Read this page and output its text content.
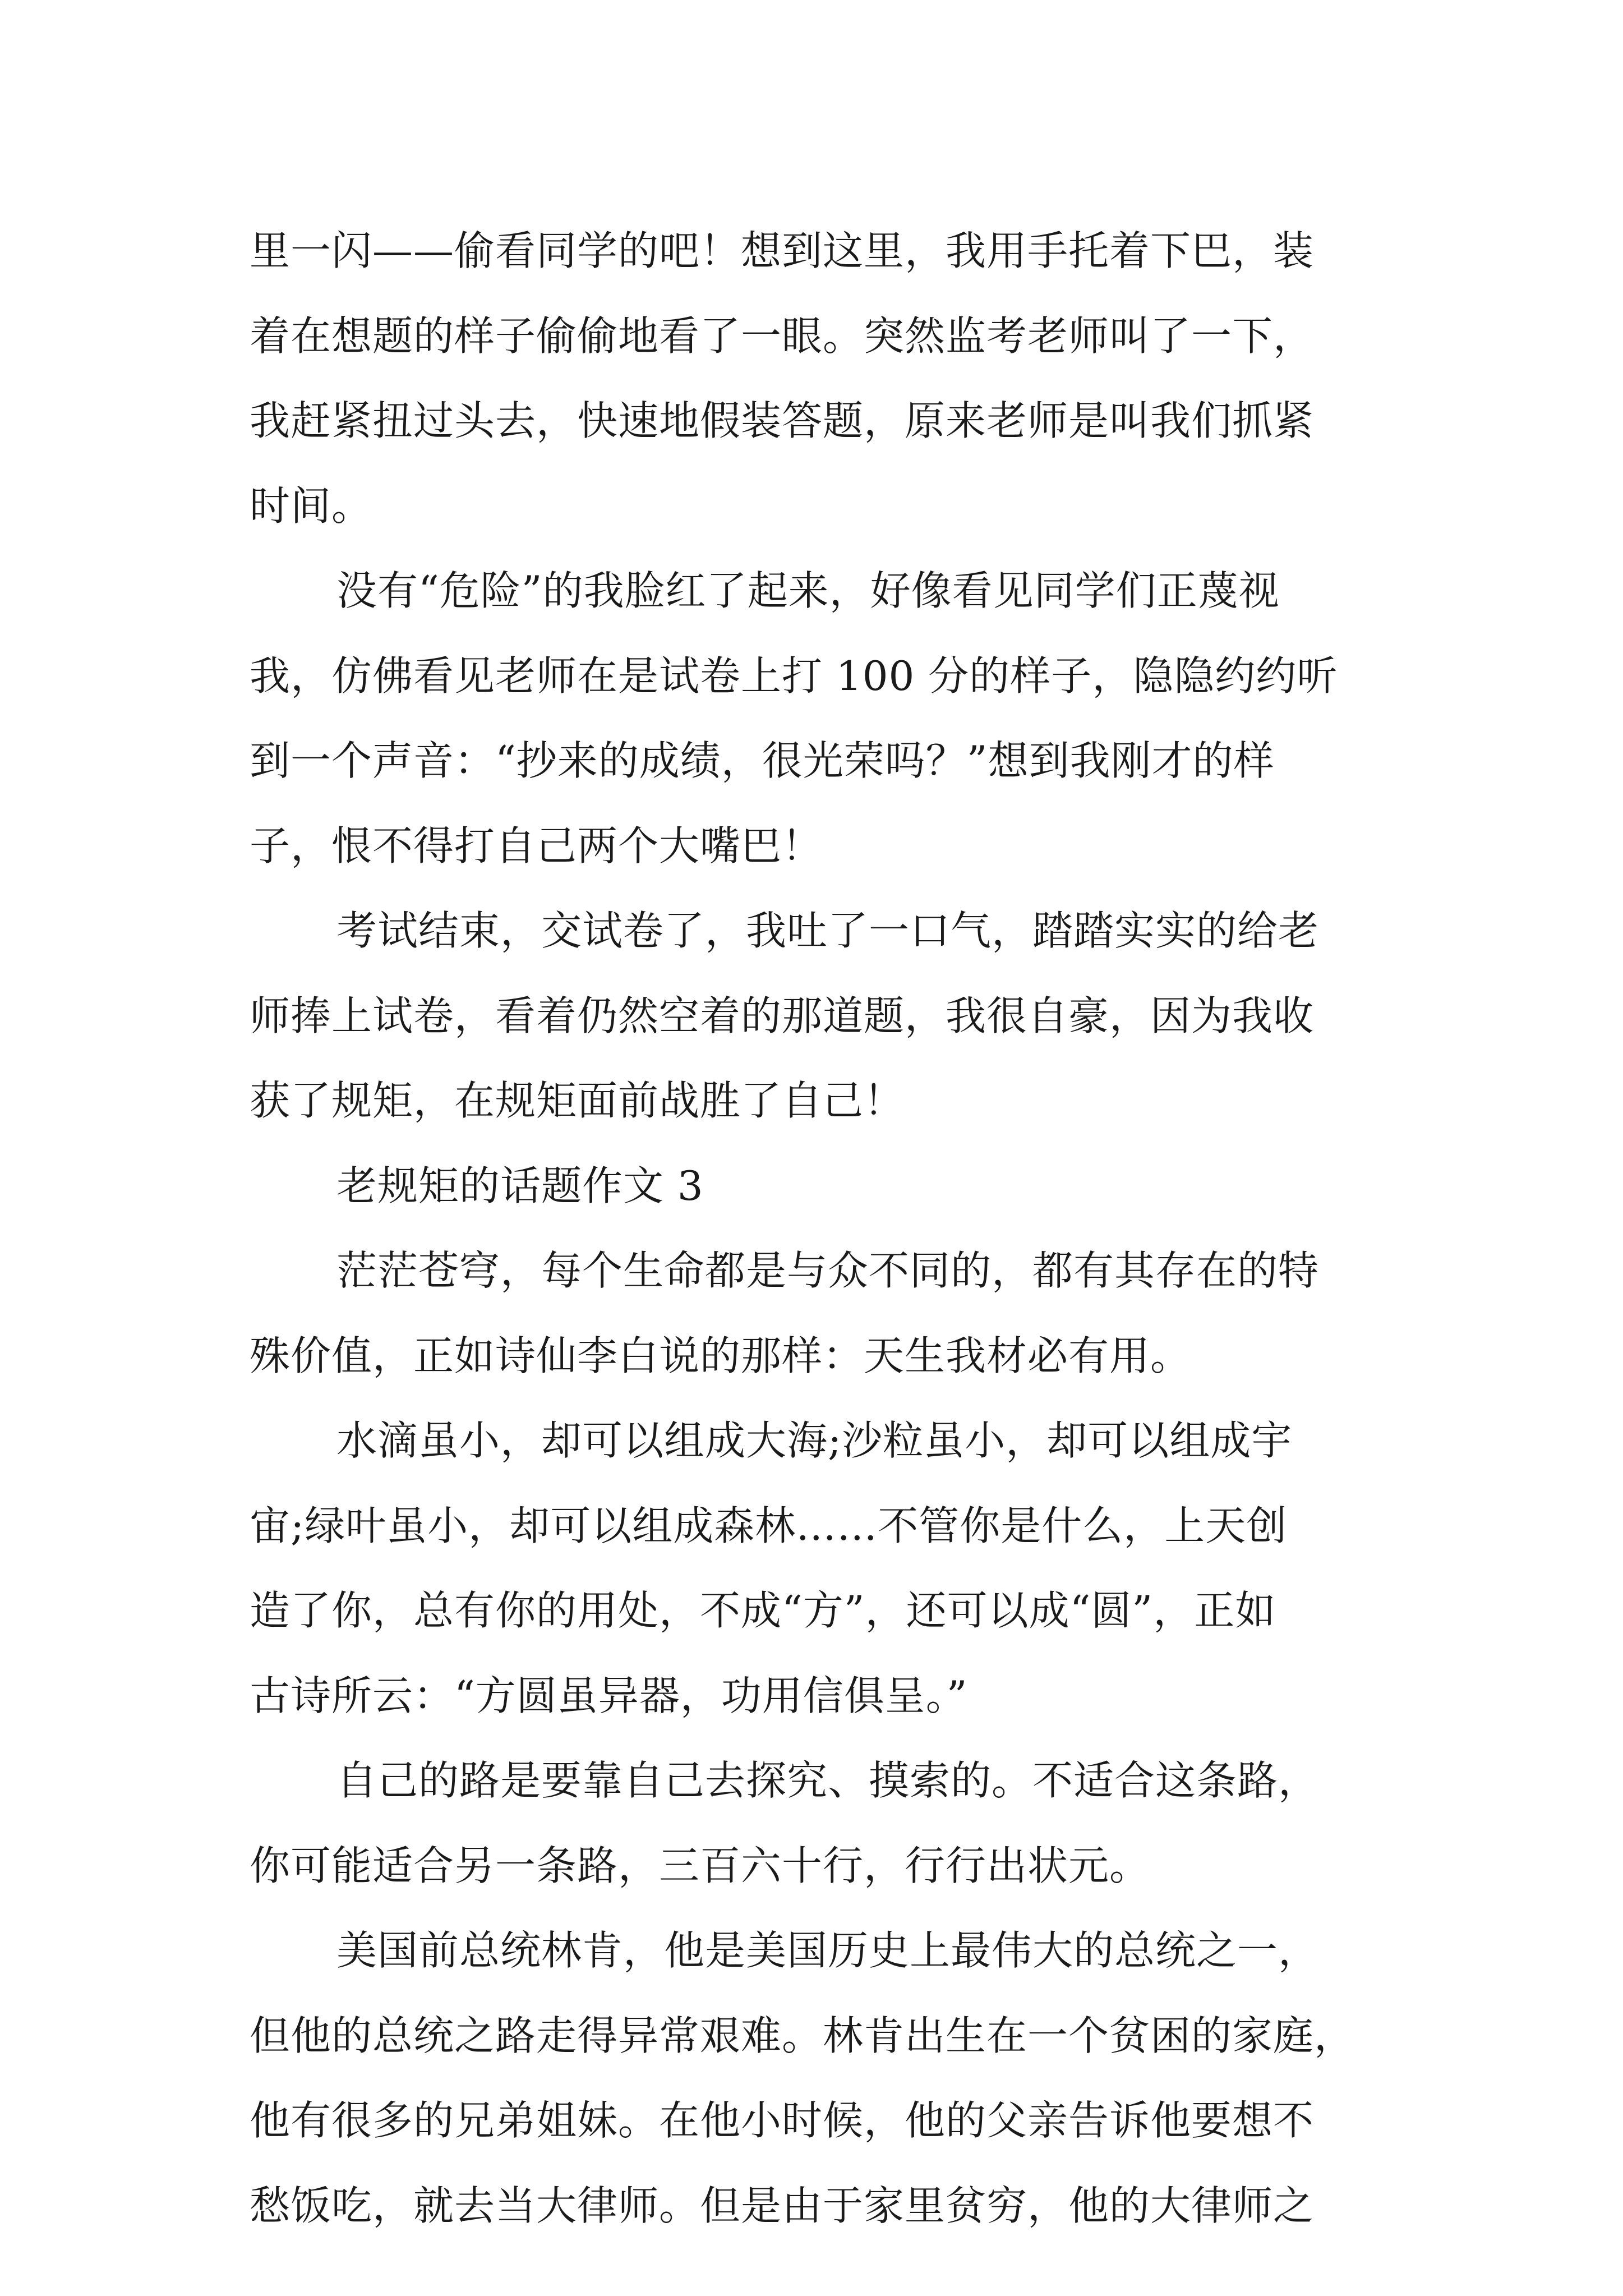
里一闪——偷看同学的吧！想到这里，我用手托着下巴，装
着在想题的样子偷偷地看了一眼。突然监考老师叫了一下，
我赶紧扭过头去，快速地假装答题，原来老师是叫我们抓紧
时间。
没有“危险”的我脸红了起来，好像看见同学们正蔑视
我，仿佛看见老师在是试卷上打 100 分的样子，隐隐约约听
到一个声音：“抄来的成绩，很光荣吗？”想到我刚才的样
子，恨不得打自己两个大嘴巴！
考试结束，交试卷了，我吐了一口气，踏踏实实的给老
师捧上试卷，看着仍然空着的那道题，我很自豪，因为我收
获了规矩，在规矩面前战胜了自己！
老规矩的话题作文 3
茫茫苍穹，每个生命都是与众不同的，都有其存在的特
殊价值，正如诗仙李白说的那样：天生我材必有用。
水滴虽小，却可以组成大海;沙粒虽小，却可以组成宇
宙;绿叶虽小，却可以组成森林……不管你是什么，上天创
造了你，总有你的用处，不成“方”，还可以成“圆”，正如
古诗所云：“方圆虽异器，功用信俱呈。”
自己的路是要靠自己去探究、摸索的。不适合这条路，
你可能适合另一条路，三百六十行，行行出状元。
美国前总统林肯，他是美国历史上最伟大的总统之一，
但他的总统之路走得异常艰难。林肯出生在一个贫困的家庭，
他有很多的兄弟姐妹。在他小时候，他的父亲告诉他要想不
愁饭吃，就去当大律师。但是由于家里贫穷，他的大律师之
